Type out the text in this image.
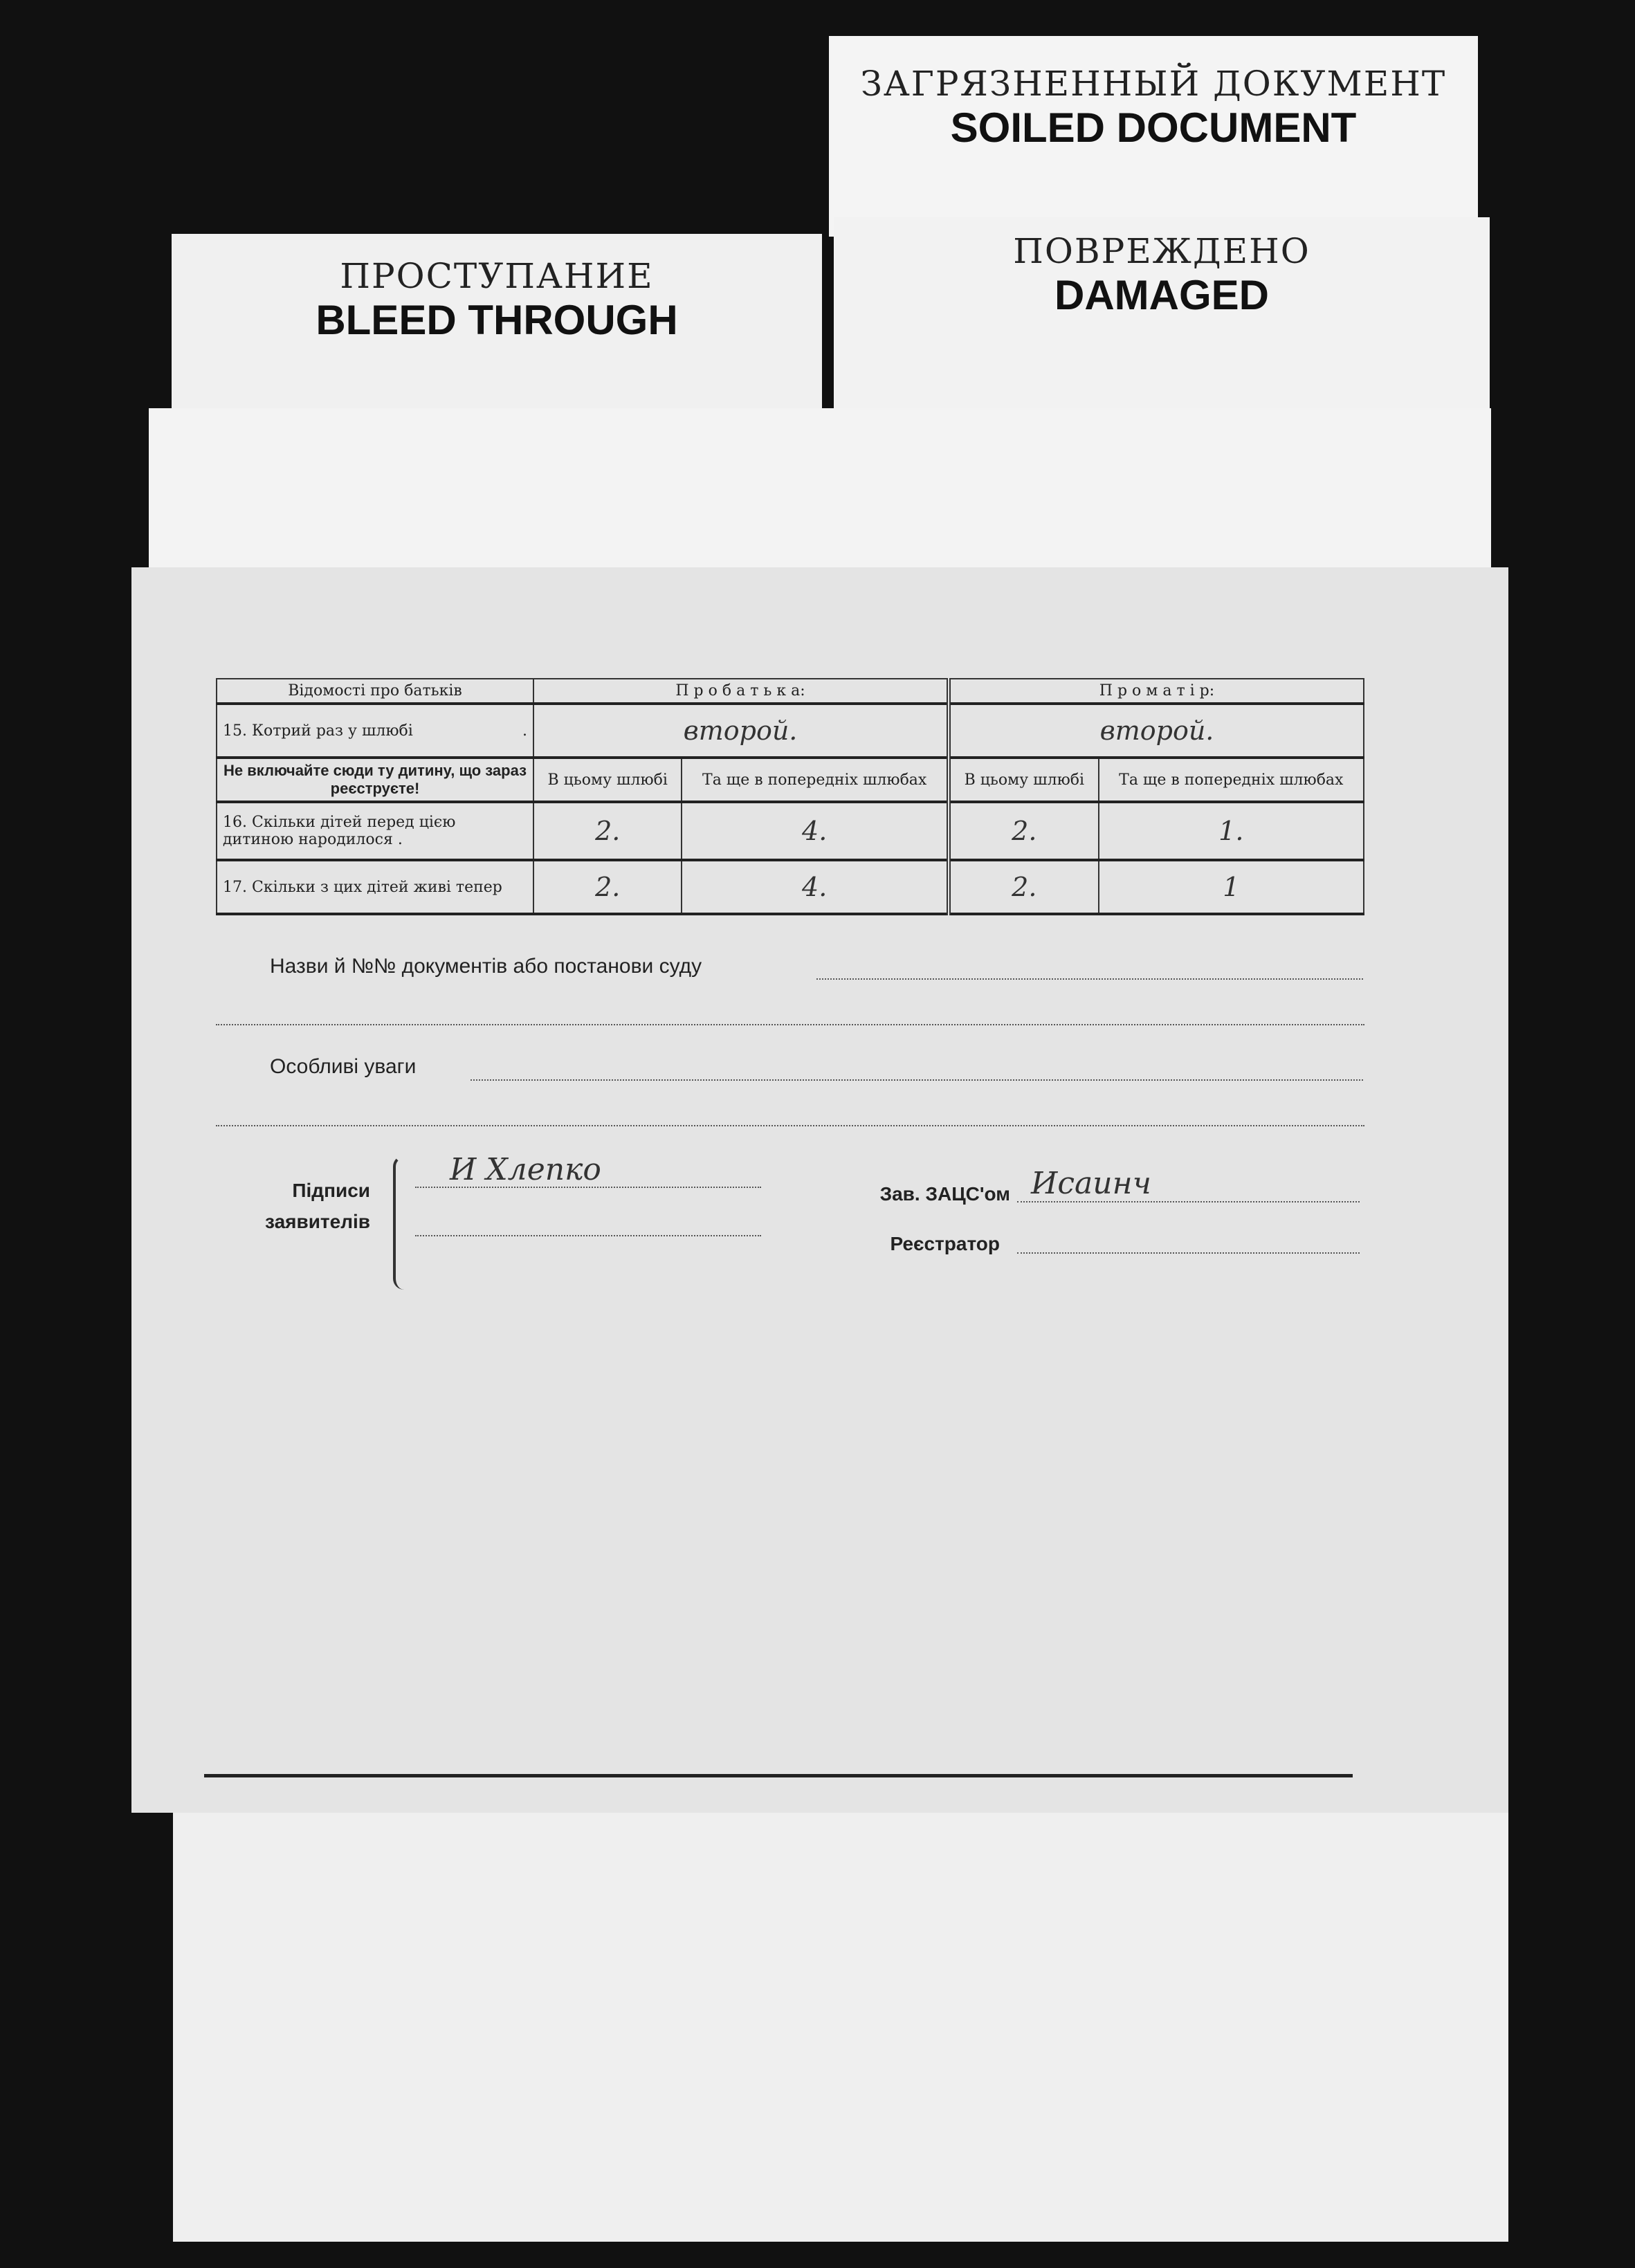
ЗАГРЯЗНЕННЫЙ ДОКУМЕНТ
SOILED DOCUMENT
ПОВРЕЖДЕНО
DAMAGED
ПРОСТУПАНИЕ
BLEED THROUGH
Відомості про батьків	П р о б а т ь к а:		П р о м а т і р:	
15. Котрий раз у шлюбі .	второй.		второй.	
Не включайте сюди ту дитину, що зараз реєструєте!	В цьому шлюбі	Та ще в попередніх шлюбах	В цьому шлюбі	Та ще в попередніх шлюбах
16. Скільки дітей перед цією дитиною народилося .	2.	4.	2.	1.
17. Скільки з цих дітей живі тепер	2.	4.	2.	1
Назви й №№ документів або постанови суду
Особливі уваги
Підписи
заявителів
И Хлепко
Зав. ЗАЦС'ом Исаинч
Реєстратор
